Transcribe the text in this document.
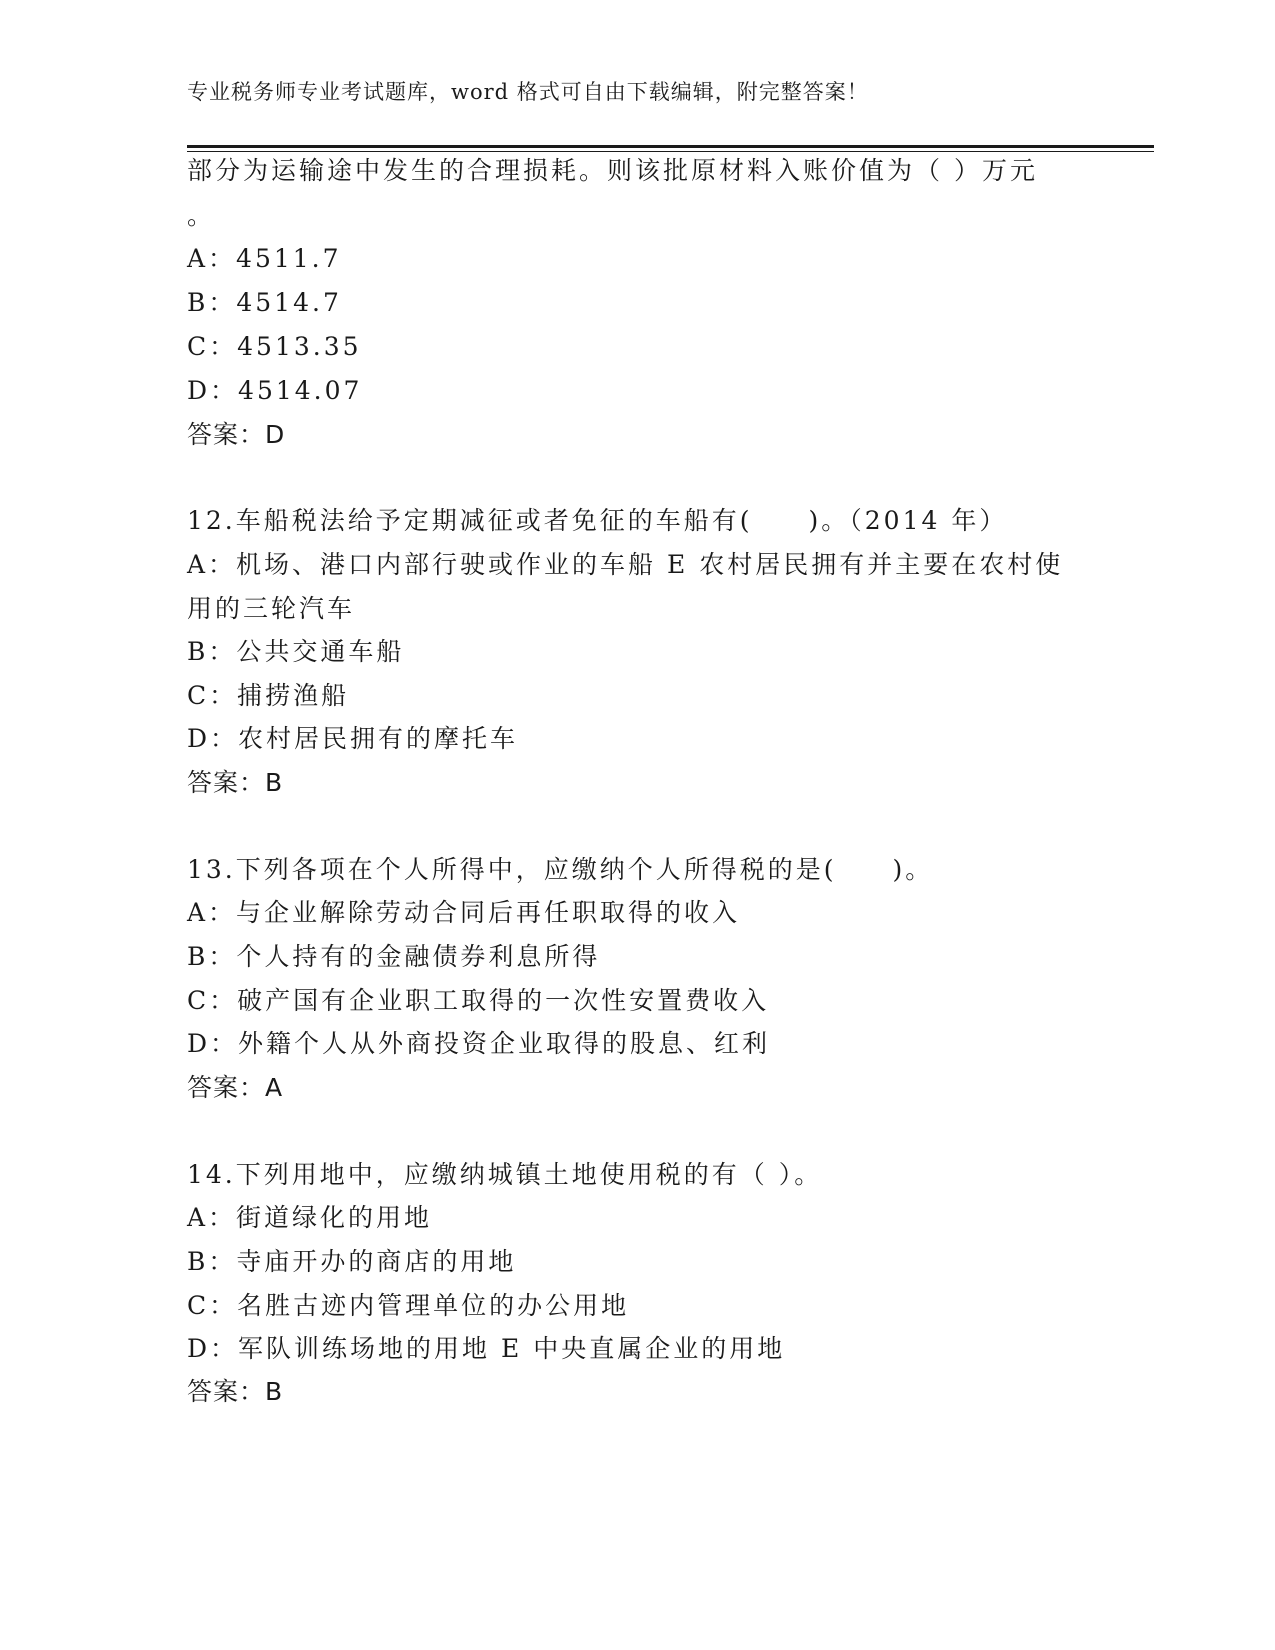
专业税务师专业考试题库，word 格式可自由下载编辑，附完整答案！
部分为运输途中发生的合理损耗。则该批原材料入账价值为（ ）万元
。
A：4511.7
B：4514.7
C：4513.35
D：4514.07
答案：D
12.车船税法给予定期减征或者免征的车船有(　　)。（2014 年）
A：机场、港口内部行驶或作业的车船 E 农村居民拥有并主要在农村使
用的三轮汽车
B：公共交通车船
C：捕捞渔船
D：农村居民拥有的摩托车
答案：B
13.下列各项在个人所得中，应缴纳个人所得税的是(　　)。
A：与企业解除劳动合同后再任职取得的收入
B：个人持有的金融债券利息所得
C：破产国有企业职工取得的一次性安置费收入
D：外籍个人从外商投资企业取得的股息、红利
答案：A
14.下列用地中，应缴纳城镇土地使用税的有（ ）。
A：街道绿化的用地
B：寺庙开办的商店的用地
C：名胜古迹内管理单位的办公用地
D：军队训练场地的用地 E 中央直属企业的用地
答案：B
